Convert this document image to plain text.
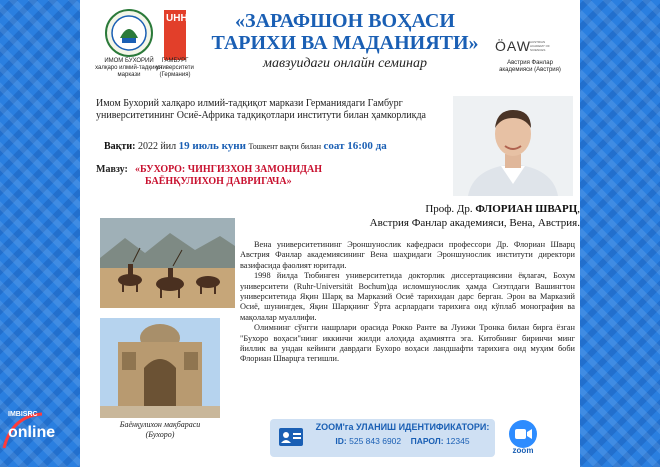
ИМОМ БУХОРИЙ халқаро илмий-тадқиқот маркази
UHH
ГАМБУРГ университети (Германия)
«ЗАРАФШОН ВОҲАСИ
ТАРИХИ ВА МАДАНИЯТИ»
мавзуидаги онлайн семинар
ÖAW AUSTRIAN ACADEMY OF SCIENCES
Австрия Фанлар академияси (Австрия)
Имом Бухорий халқаро илмий-тадқиқот маркази Германиядаги Гамбург университетининг Осиё-Африка тадқиқотлари институти билан ҳамкорликда
Вақти: 2022 йил 19 июль куни Тошкент вақти билан соат 16:00 да
Мавзу: «БУХОРО: ЧИНГИЗХОН ЗАМОНИДАН
БАЁНҚУЛИХОН ДАВРИГАЧА»
Проф. Др. ФЛОРИАН ШВАРЦ,
Австрия Фанлар академияси, Вена, Австрия.
Баёнқулихон мақбараси
(Бухоро)

Вена университетининг Эроншунослик кафедраси профессори Др. Флориан Шварц Австрия Фанлар академиясининг Вена шаҳридаги Эроншунослик институти директори вазифасида фаолият юритади.

1998 йилда Тюбинген университетида докторлик диссертациясини ёқлагач, Бохум университети (Ruhr-Universität Bochum)да исломшунослик ҳамда Сиэтлдаги Вашингтон университетида Яқин Шарқ ва Марказий Осиё тарихидан дарс берган. Эрон ва Марказий Осиё, шунингдек, Яқин Шарқнинг Ўрта асрлардаги тарихига оид кўплаб монография ва мақолалар муаллифи.

Олимнинг сўнгги нашрлари орасида Рокко Ранте ва Луижи Тронка билан бирга ёзган "Бухоро воҳаси"нинг иккинчи жилди алоҳида аҳамиятга эга. Китобнинг биринчи минг йиллик ва ундан кейинги даврдаги Бухоро воҳаси ландшафти тарихига оид муҳим боби Флориан Шварцга тегишли.

ZOOM'га УЛАНИШ ИДЕНТИФИКАТОРИ:
ID: 525 843 6902 ПАРОЛ: 12345
zoom
IMBISRC
online
